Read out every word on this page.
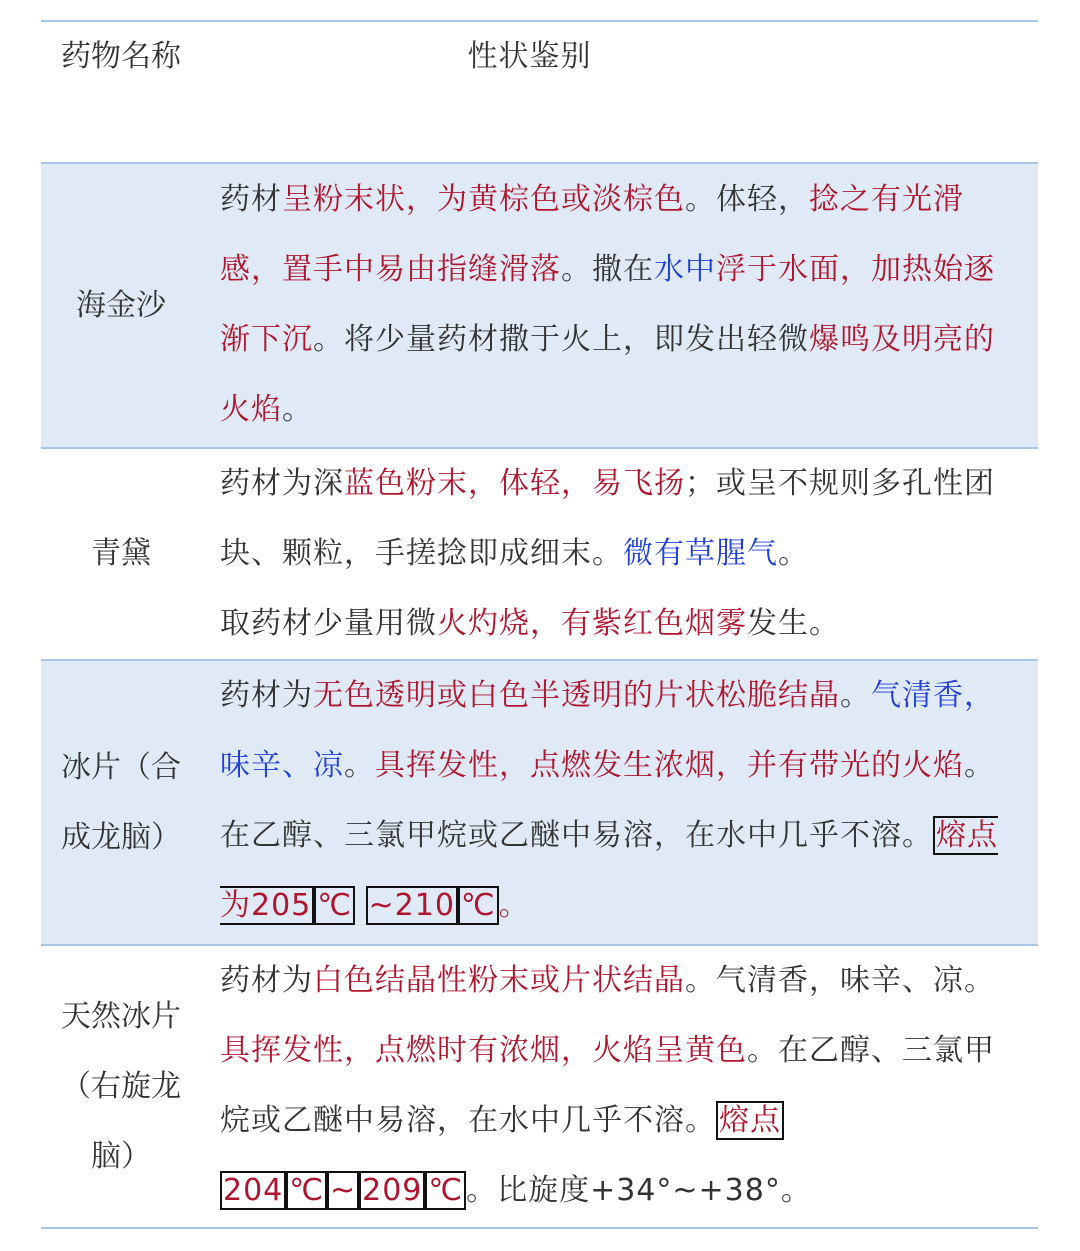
药物名称	性状鉴别
海金沙

药材呈粉末状，为黄棕色或淡棕色。体轻，捻之有光滑感，置手中易由指缝滑落。撒在水中浮于水面，加热始逐渐下沉。将少量药材撒于火上，即发出轻微爆鸣及明亮的火焰。

青黛

药材为深蓝色粉末，体轻，易飞扬；或呈不规则多孔性团块、颗粒，手搓捻即成细末。微有草腥气。

取药材少量用微火灼烧，有紫红色烟雾发生。

冰片（合成龙脑）

药材为无色透明或白色半透明的片状松脆结晶。气清香，味辛、凉。具挥发性，点燃发生浓烟，并有带光的火焰。在乙醇、三氯甲烷或乙醚中易溶，在水中几乎不溶。 熔点为205 ℃ ~210 ℃ 。

天然冰片（右旋龙脑）

药材为白色结晶性粉末或片状结晶。气清香，味辛、凉。具挥发性，点燃时有浓烟，火焰呈黄色。在乙醇、三氯甲烷或乙醚中易溶，在水中几乎不溶。 熔点204 ℃ ~ 209 ℃ 。比旋度+34°~+38°。
